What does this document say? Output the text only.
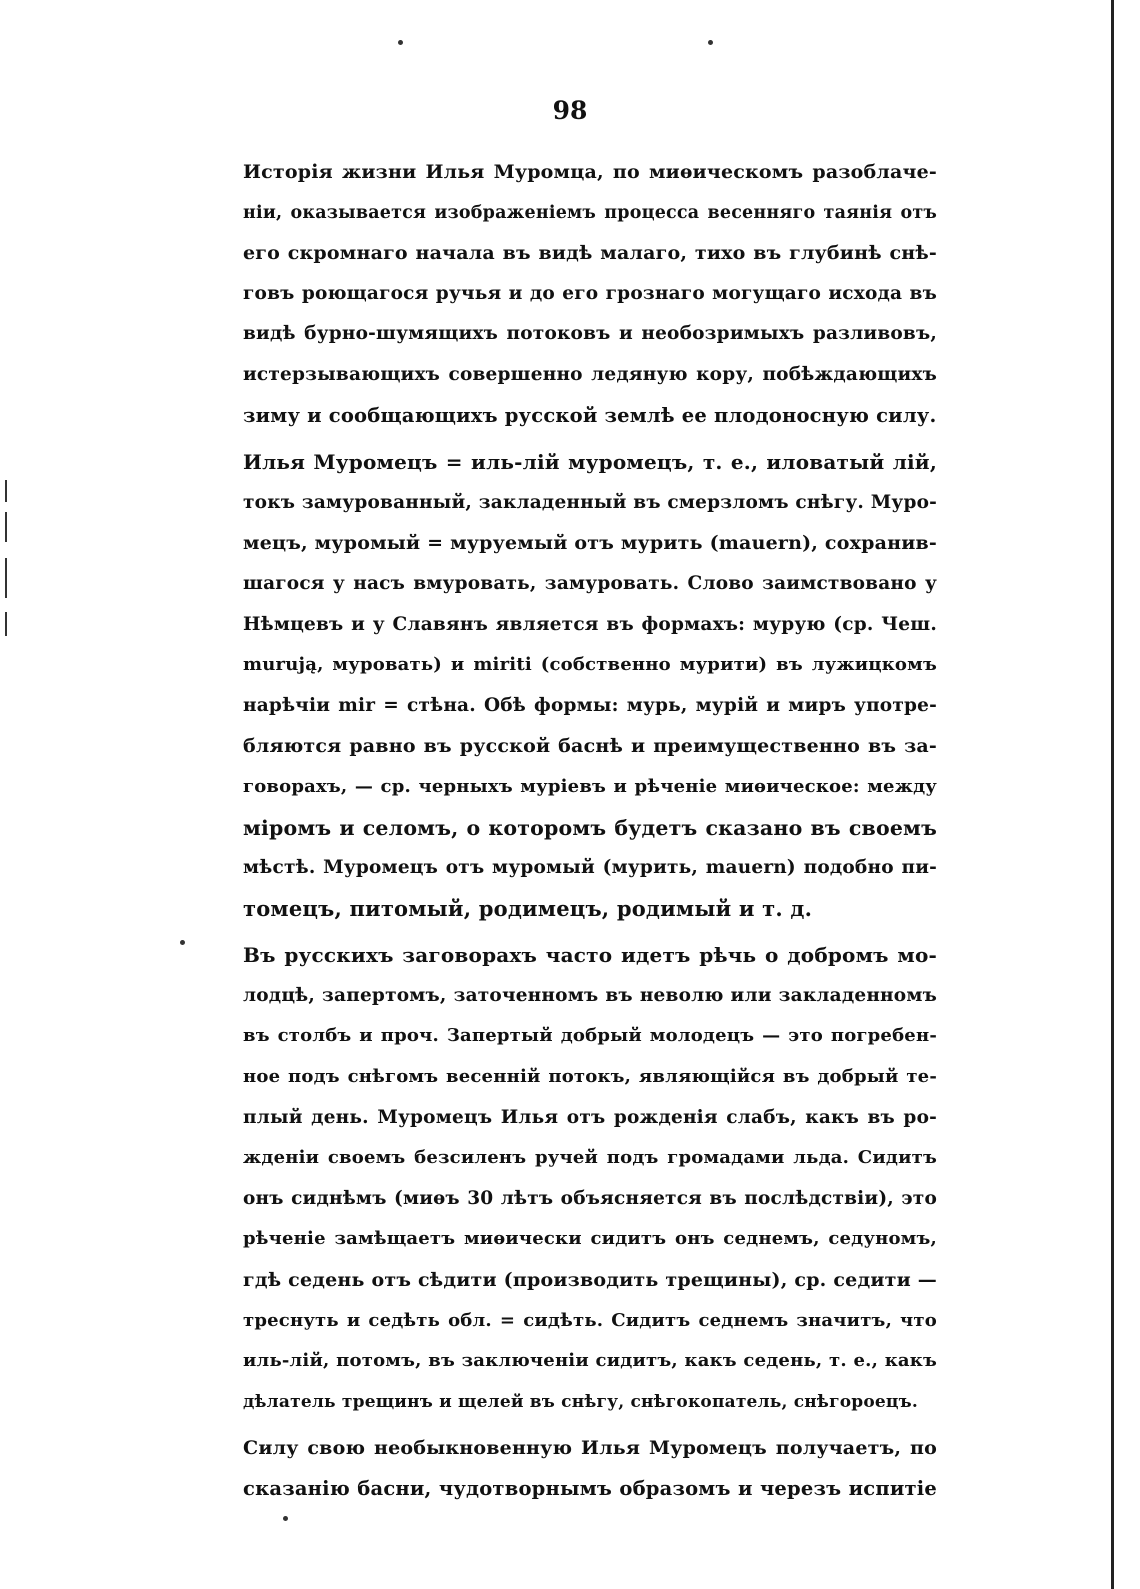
98
Исторія жизни Илья Муромца, по миѳическомъ разоблаче-
ніи, оказывается изображеніемъ процесса весенняго таянія отъ
его скромнаго начала въ видѣ малаго, тихо въ глубинѣ снѣ-
говъ роющагося ручья и до его грознаго могущаго исхода въ
видѣ бурно-шумящихъ потоковъ и необозримыхъ разливовъ,
истерзывающихъ совершенно ледяную кору, побѣждающихъ
зиму и сообщающихъ русской землѣ ее плодоносную силу.
Илья Муромецъ = иль-лій муромецъ, т. е., иловатый лій,
токъ замурованный, закладенный въ смерзломъ снѣгу. Муро-
мецъ, муромый = муруемый отъ мурить (mauern), сохранив-
шагося у насъ вмуровать, замуровать. Слово заимствовано у
Нѣмцевъ и у Славянъ является въ формахъ: мурую (ср. Чеш.
murują, муровать) и miriti (собственно мурити) въ лужицкомъ
нарѣчіи mir = стѣна. Обѣ формы: мурь, мурій и миръ употре-
бляются равно въ русской баснѣ и преимущественно въ за-
говорахъ, — ср. черныхъ муріевъ и рѣченіе миѳическое: между
міромъ и селомъ, о которомъ будетъ сказано въ своемъ
мѣстѣ. Муромецъ отъ муромый (мурить, mauern) подобно пи-
томецъ, питомый, родимецъ, родимый и т. д.
Въ русскихъ заговорахъ часто идетъ рѣчь о добромъ мо-
лодцѣ, запертомъ, заточенномъ въ неволю или закладенномъ
въ столбъ и проч. Запертый добрый молодецъ — это погребен-
ное подъ снѣгомъ весенній потокъ, являющійся въ добрый те-
плый день. Муромецъ Илья отъ рожденія слабъ, какъ въ ро-
жденіи своемъ безсиленъ ручей подъ громадами льда. Сидитъ
онъ сиднѣмъ (миѳъ 30 лѣтъ объясняется въ послѣдствіи), это
рѣченіе замѣщаетъ миѳически сидитъ онъ седнемъ, седуномъ,
гдѣ седень отъ сѣдити (производить трещины), ср. седити —
треснуть и седѣть обл. = сидѣть. Сидитъ седнемъ значитъ, что
иль-лій, потомъ, въ заключеніи сидитъ, какъ седень, т. е., какъ
дѣлатель трещинъ и щелей въ снѣгу, снѣгокопатель, снѣгороецъ.
Силу свою необыкновенную Илья Муромецъ получаетъ, по
сказанію басни, чудотворнымъ образомъ и черезъ испитіе
